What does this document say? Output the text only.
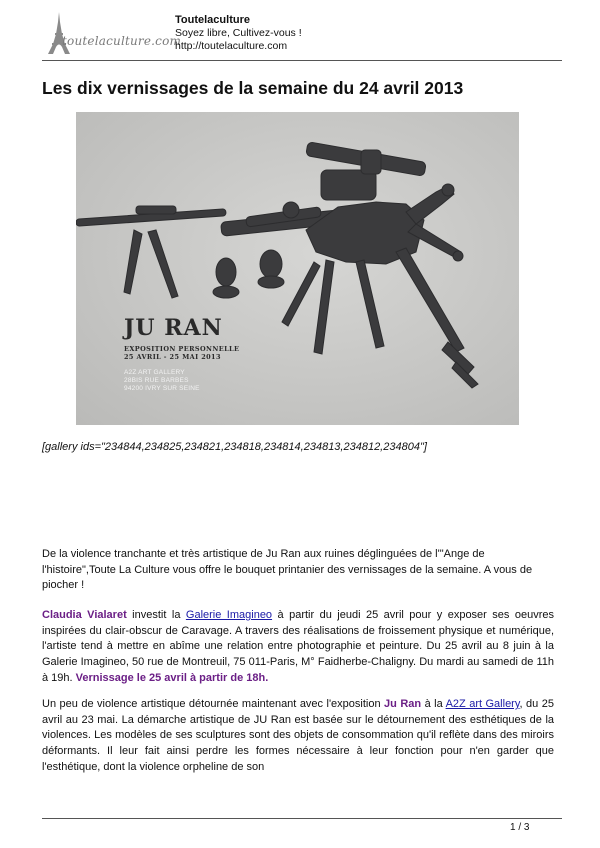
toutelaculture.com
Toutelaculture
Soyez libre, Cultivez-vous !
http://toutelaculture.com
Les dix vernissages de la semaine du 24 avril 2013
JU RAN
EXPOSITION PERSONNELLE
25 AVRIL - 25 MAI 2013
A2Z ART GALLERY
28BIS RUE BARBES
94200 IVRY SUR SEINE
[gallery ids="234844,234825,234821,234818,234814,234813,234812,234804"]

De la violence tranchante et très artistique de Ju Ran aux ruines déglinguées de l'"Ange de l'histoire",Toute La Culture vous offre le bouquet printanier des vernissages de la semaine. A vous de piocher !

Claudia Vialaret investit la Galerie Imagineo à partir du jeudi 25 avril pour y exposer ses oeuvres inspirées du clair-obscur de Caravage. A travers des réalisations de froissement physique et numérique, l'artiste tend à mettre en abîme une relation entre photographie et peinture. Du 25 avril au 8 juin à la Galerie Imagineo, 50 rue de Montreuil, 75 011-Paris, M° Faidherbe-Chaligny. Du mardi au samedi de 11h à 19h. Vernissage le 25 avril à partir de 18h.

Un peu de violence artistique détournée maintenant avec l'exposition Ju Ran à la A2Z art Gallery, du 25 avril au 23 mai. La démarche artistique de JU Ran est basée sur le détournement des esthétiques de la violences. Les modèles de ses sculptures sont des objets de consommation qu'il reflète dans des miroirs déformants. Il leur fait ainsi perdre les formes nécessaire à leur fonction pour n'en garder que l'esthétique, dont la violence orpheline de son

1 / 3
